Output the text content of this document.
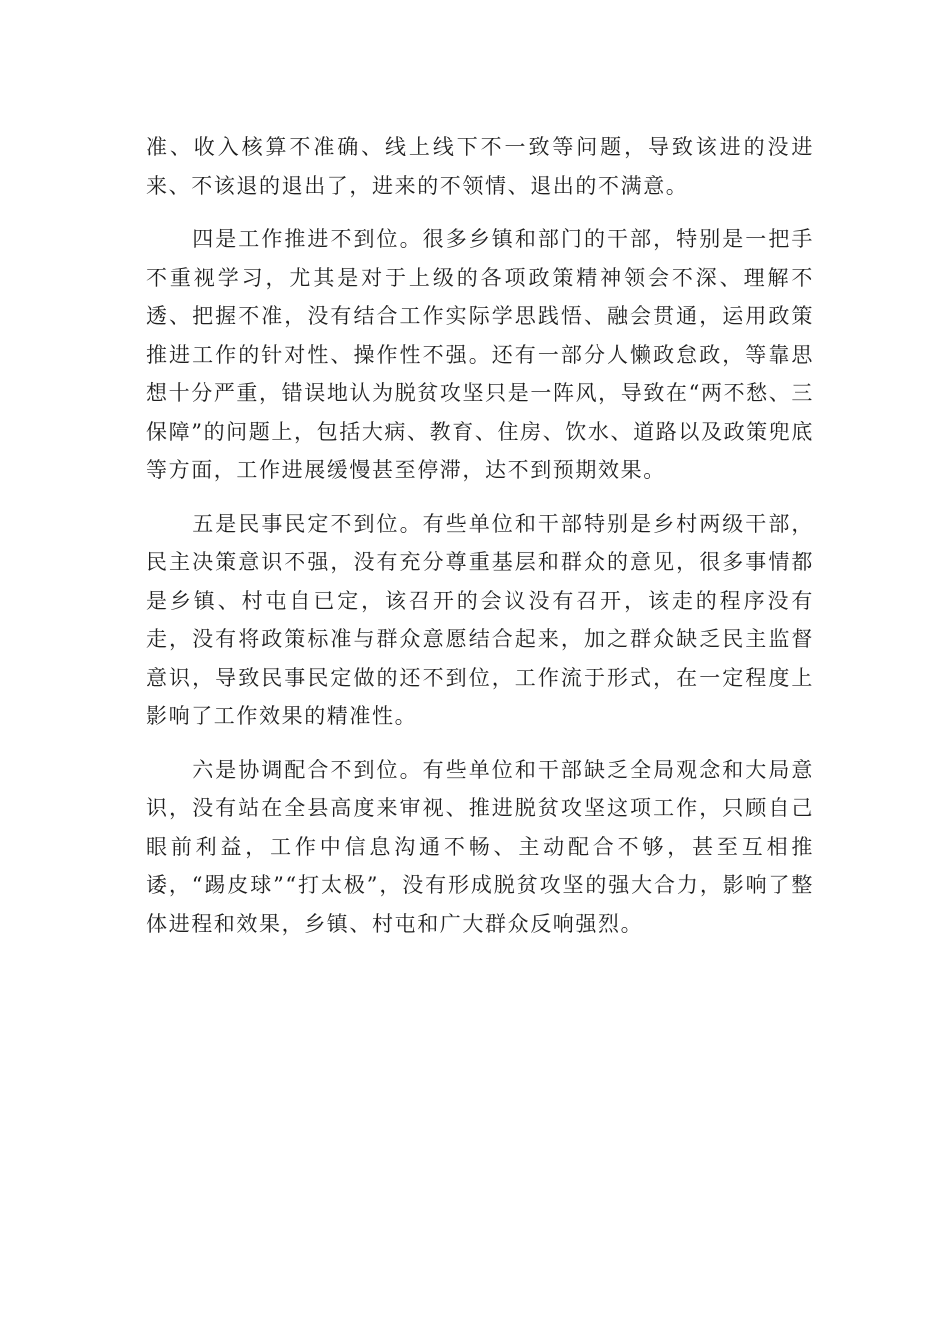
准、收入核算不准确、线上线下不一致等问题，导致该进的没进来、不该退的退出了，进来的不领情、退出的不满意。

四是工作推进不到位。很多乡镇和部门的干部，特别是一把手不重视学习，尤其是对于上级的各项政策精神领会不深、理解不透、把握不准，没有结合工作实际学思践悟、融会贯通，运用政策推进工作的针对性、操作性不强。还有一部分人懒政怠政，等靠思想十分严重，错误地认为脱贫攻坚只是一阵风，导致在“两不愁、三保障”的问题上，包括大病、教育、住房、饮水、道路以及政策兜底等方面，工作进展缓慢甚至停滞，达不到预期效果。

五是民事民定不到位。有些单位和干部特别是乡村两级干部，民主决策意识不强，没有充分尊重基层和群众的意见，很多事情都是乡镇、村屯自已定，该召开的会议没有召开，该走的程序没有走，没有将政策标准与群众意愿结合起来，加之群众缺乏民主监督意识，导致民事民定做的还不到位，工作流于形式，在一定程度上影响了工作效果的精准性。

六是协调配合不到位。有些单位和干部缺乏全局观念和大局意识，没有站在全县高度来审视、推进脱贫攻坚这项工作，只顾自己眼前利益，工作中信息沟通不畅、主动配合不够，甚至互相推诿，“踢皮球”“打太极”，没有形成脱贫攻坚的强大合力，影响了整体进程和效果，乡镇、村屯和广大群众反响强烈。
